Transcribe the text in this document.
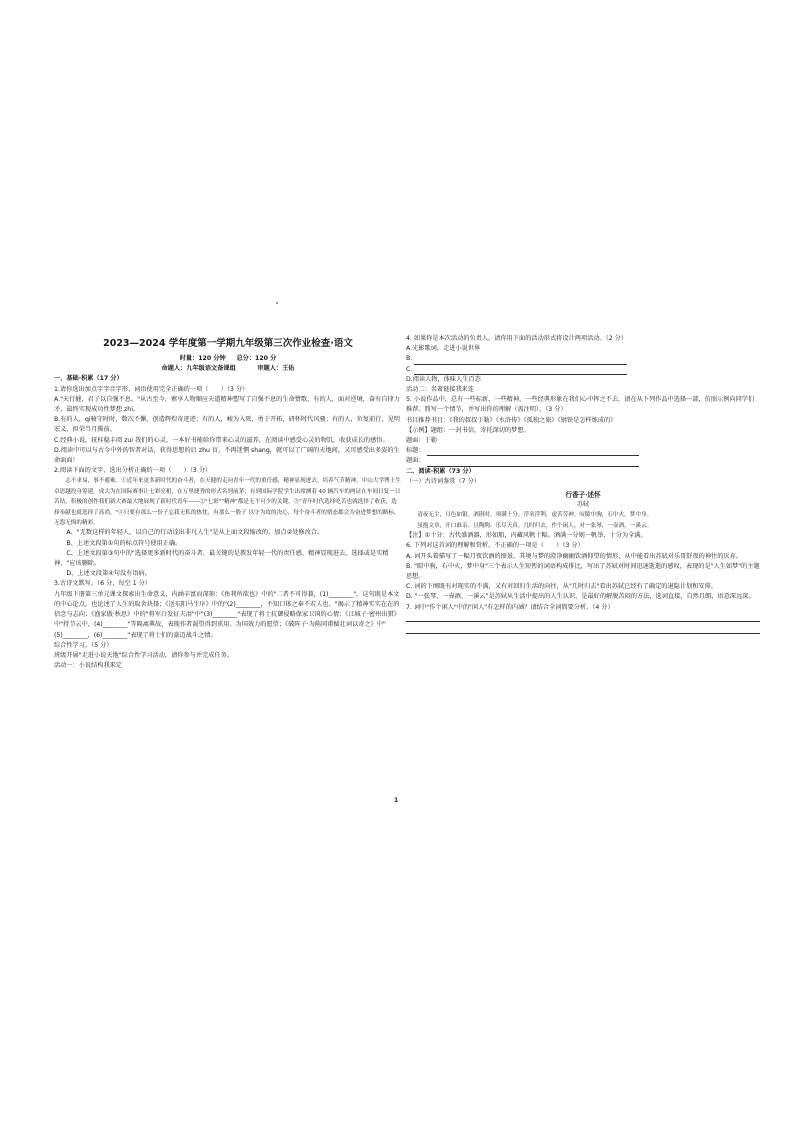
2023—2024 学年度第一学期九年级第三次作业检查·语文
时量：120 分钟     总分：120 分
命题人：九年级语文备课组          审题人：王佑
一、基础·积累（17 分）
1.请你选出加点字字音字形、词语使用完全正确的一项（　　）（3 分）
A."天行健，君子以自强不息。"从古至今，萦享人物顺应天道精神塑写了自强不息的生命赞歌，有的人，面对逆境，奋有自律力矛，最终实现成功性梦想 zhi。
B.有的人，qi骑守时时，数次不懈，创造辉煌奇迹迹；有的人，峻为入死，勇于开拓，研怀时代风骚；有的人，负复前行，见明宏义，担荣当月腾前。
C.经典小说，抚桂稳丰阅 zui 我们的心灵，一本好书能给你带来心灵的滋养，在阅读中感受心灵的物饥，收获成长的感悟。
D.阅读中可以与古今中外的智者对话，获得思想的启 zhu 盲，不再迷惘 shang，就可以了广阔的天地间，又可感受出多姿的生命面面！
2.阅读下面的文字，选出分析正确的一项（　　）（3 分）
　　志不求易，事不避难。①近年来更多新时代的奋斗者，在天健的走向青年一代的重任感，精神显现进去。培养气节精神，中山大学博士生卓思越投身筹建，成大为在国际赛事让七彩亮相，在万里捷秀的形式名列前茅；有到国际学院学生出席测着 40 辆汽车的两证在车间日复一日苦钻，积极的创作我们新大赛最大地展现了新时代青年——②"七彩""精神"都是无不可少的关键。③"青年时代选择吃苦也就选择了收获，选择奉献也就选择了高尚。"④只要有那么一份子忘我无私的热忱，有那么一股子 以守为攻的决心，每个奋斗者的情态都会为奋进梦想的路标，无怨无悔的精彩。
　　A、"无数这样的年轻人，以自己的行动诠出非凡人生"是从上面文段缩改的，加点②处修改合。
　　B、上述文段第①句的标点符号使用正确。
　　C、上述文段第③句中的"选择更多新时代的奋斗者，最关键的是教发年轻一代的责任感，精神显现进去，选择或是实精神，"应该删除。
　　D、上述文段第④句没有语病。
3.古诗文默写。（6 分，每空 1 分）
九年级下册第三单元课文探索出生命意义，内涵丰富而深刻：《鱼我所欲也》中的"二者不可得兼，(1)________"，这句既是本文的中心论点，也论述了人生的取舍抉择；《送东阳马生序》中的"(2)________，不知口体之奉不若人也。"揭示了精神实实在在的信念与志向；《渔家傲·秋思》中的"将军白发征夫泪"中"(3)________"表现了将士抗御侵略保家卫国的心情；《江城子·密州出猎》中"持节云中，(4)________"等隔离典故，表现作者渴望得到重用、为国效力的愿望；《破阵子·为陈同甫赋壮词以寄之》中"(5)________，(6)________"表现了将士们的豪迈战斗之情。
综合性学习。（5 分）
班级开展"走进小说天地"综合性学习活动，请你参与并完成任务。
活动一：小说结构我来定
4. 如果你是本次活动的负责人，请你用下面的活动形式将设计两项活动。（2 分）
A.光影歌词，走进小说世界
B.
C.
D.阅读人物，体味人生百态
活动二：名著链接我来连
5. 小说作品中，总有一些标新、一些精神，一些经典形象在我们心中挥之不去，请在从下列作品中选择一部，仿照示例向同学们推荐。简写一个情节，并写出你的理解（需注明）。（3 分）
书目推荐书目：《我的叔叔于勒》《水浒传》《孤独之旅》《钢铁是怎样炼成的》
【示例】题组：一封书信，寄托深切的梦想。
题面：于勒
标题：
题面：
二、阅读·积累（73 分）
（一）古诗词鉴赏（7 分）
行香子·述怀
苏轼
　　清夜无尘，月色如银。酒斟时、须满十分。浮名浮利，虚苦劳神。叹隙中驹，石中火，梦中身。
　　虽抱文章，开口谁亲。且陶陶、乐尽天真。几时归去，作个闲人。对一张琴，一壶酒，一溪云。
【注】①十分：古代盛酒器，形如船，内藏风帆十幅。酒满一分则一帆举，十分为全满。
6. 下列对这首词的理解和赏析，不正确的一项是（　　）（3 分）
A. 词开头着描写了一幅月夜饮酒的图景，其境与梦的澄净幽幽饮酒仰望的情形，从中能看出苏轼对乐哥舒夜的神往的厌弃。
B. "隙中驹，石中火，梦中身"三个表示人生短暂的词语构成排比，写出了苏轼对时间迅速逝逝的感叹，表现的是"人生如梦"的主题思想。
C. 词的下阕既有对现实的不满，又有对回归生活的向往，从"几时归去"看出苏轼已经有了确定的退隐计划和安排。
D. "一张琴、一壶酒、一溪云"是苏轼从生活中提出的人生认识，是最好的解脱苦闷的方法，选词直接，自然且朗，语意深远深。
7. 词中"作个闲人"中的"闲人"有怎样的内涵？请结合全词简要分析。（4 分）
1
